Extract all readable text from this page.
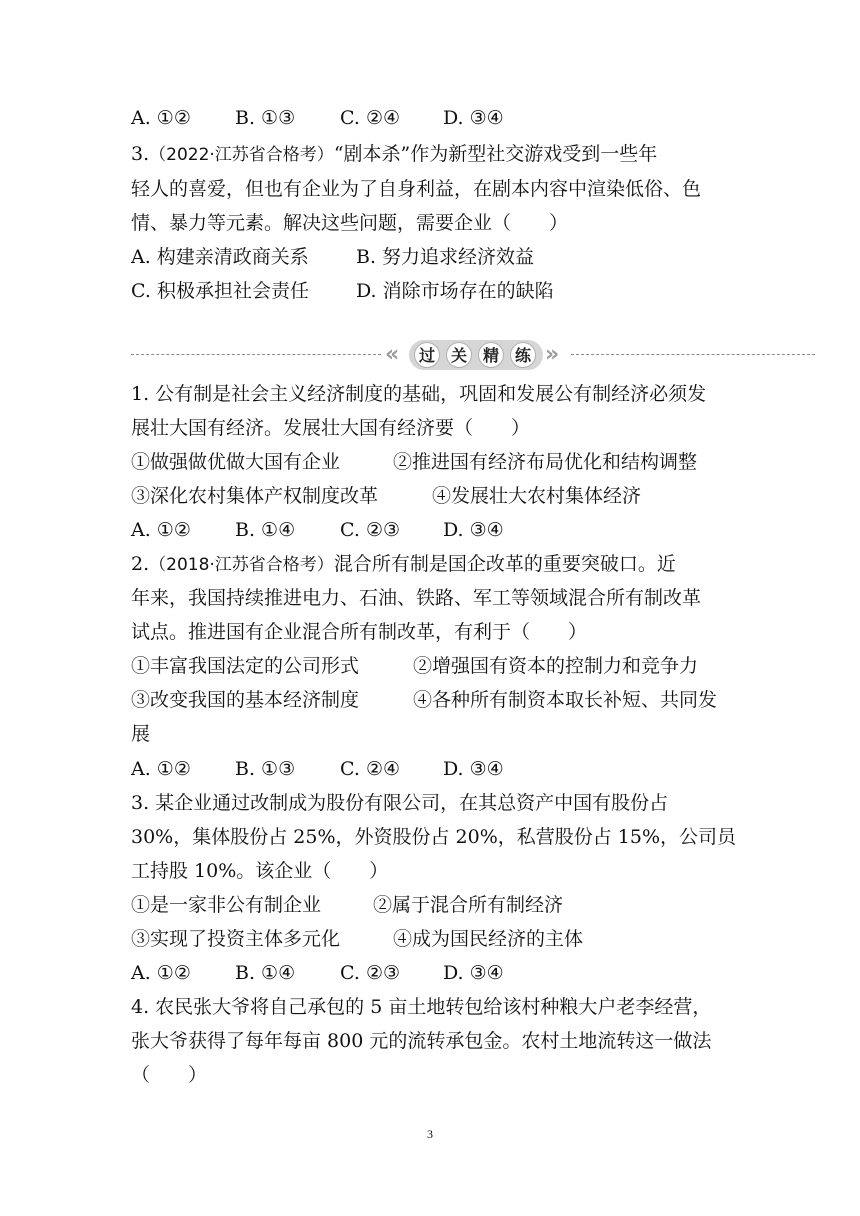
A. ①② B. ①③ C. ②④ D. ③④
3.（2022·江苏省合格考）“剧本杀”作为新型社交游戏受到一些年
轻人的喜爱，但也有企业为了自身利益，在剧本内容中渲染低俗、色
情、暴力等元素。解决这些问题，需要企业（　　）
A. 构建亲清政商关系 B. 努力追求经济效益
C. 积极承担社会责任 D. 消除市场存在的缺陷
«	过 关 精 练 »
1. 公有制是社会主义经济制度的基础，巩固和发展公有制经济必须发
展壮大国有经济。发展壮大国有经济要（　　）
①做强做优做大国有企业	②推进国有经济布局优化和结构调整
③深化农村集体产权制度改革	④发展壮大农村集体经济
A. ①② B. ①④ C. ②③ D. ③④
2.（2018·江苏省合格考）混合所有制是国企改革的重要突破口。近
年来，我国持续推进电力、石油、铁路、军工等领域混合所有制改革
试点。推进国有企业混合所有制改革，有利于（　　）
①丰富我国法定的公司形式	②增强国有资本的控制力和竞争力
③改变我国的基本经济制度	④各种所有制资本取长补短、共同发
展
A. ①② B. ①③ C. ②④ D. ③④
3. 某企业通过改制成为股份有限公司，在其总资产中国有股份占
30%，集体股份占 25%，外资股份占 20%，私营股份占 15%，公司员
工持股 10%。该企业（　　）
①是一家非公有制企业	②属于混合所有制经济
③实现了投资主体多元化	④成为国民经济的主体
A. ①② B. ①④ C. ②③ D. ③④
4. 农民张大爷将自己承包的 5 亩土地转包给该村种粮大户老李经营，
张大爷获得了每年每亩 800 元的流转承包金。农村土地流转这一做法
（　　）
3
